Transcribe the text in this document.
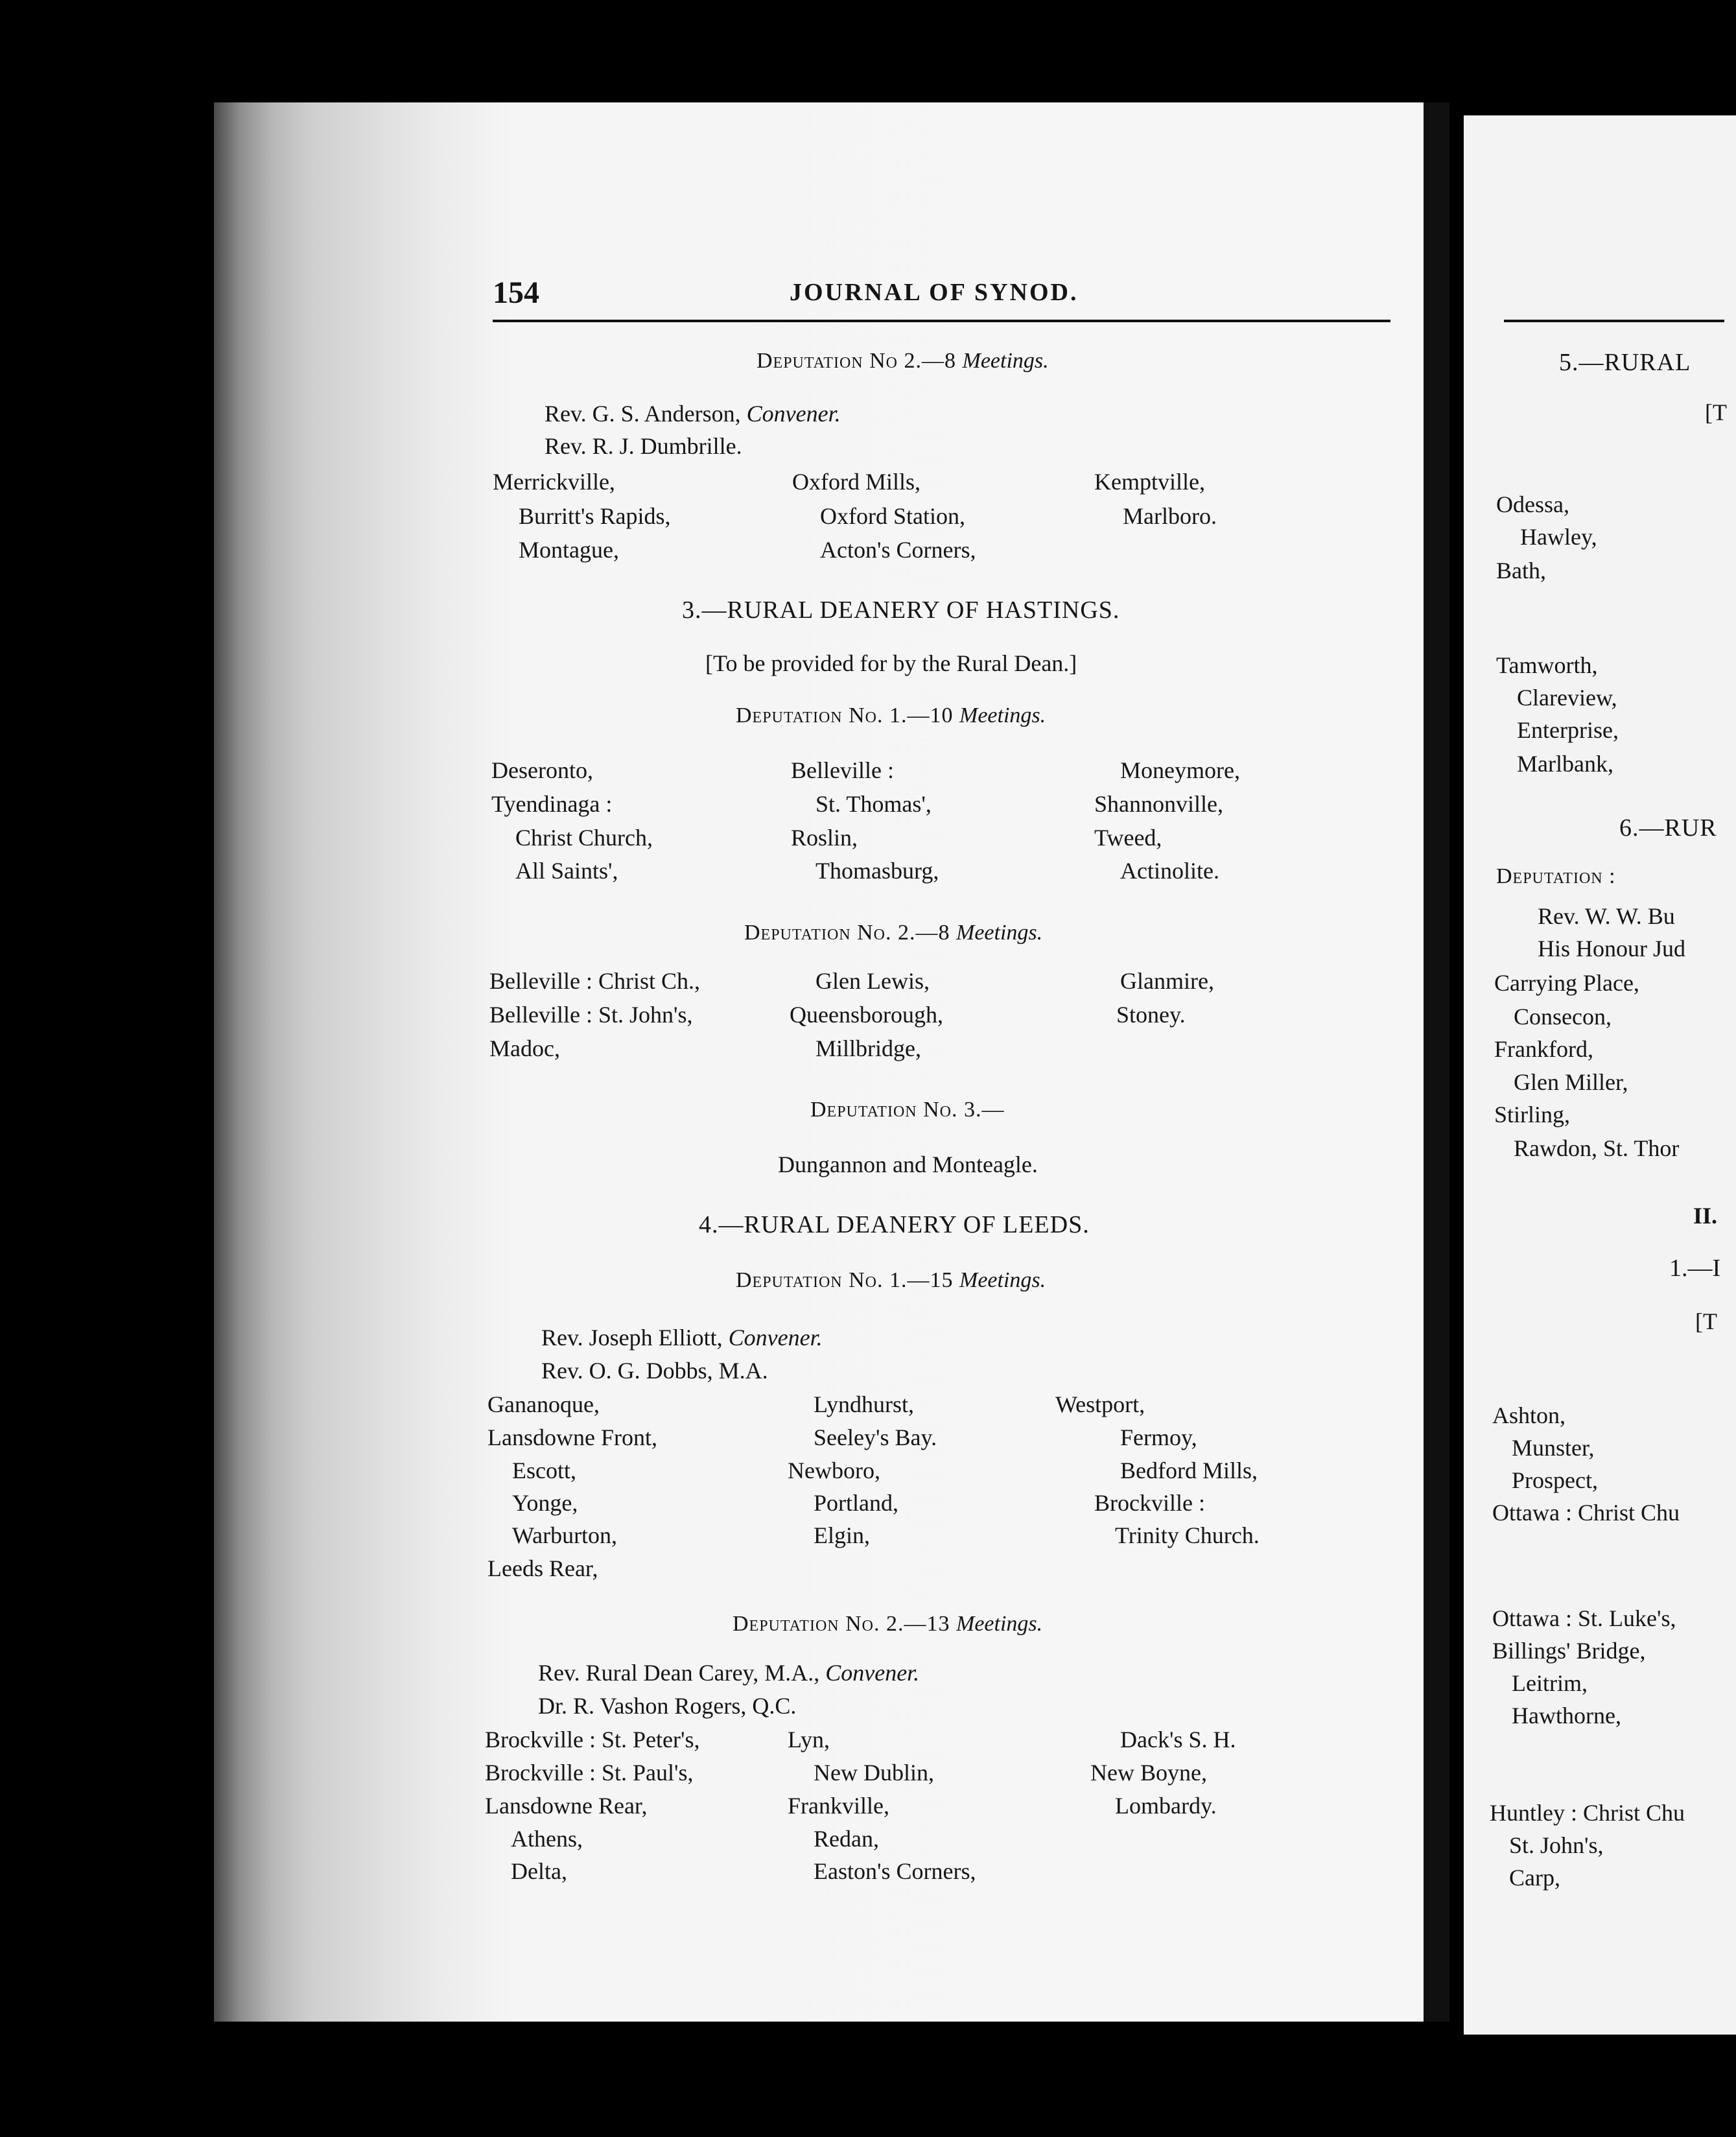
154	JOURNAL OF SYNOD.
Deputation No 2.—8 Meetings.
Rev. G. S. Anderson, Convener.
Rev. R. J. Dumbrille.
Merrickville,
Burritt's Rapids,
Montague,
Oxford Mills,
Oxford Station,
Acton's Corners,
Kemptville,
Marlboro.
3.—RURAL DEANERY OF HASTINGS.
[To be provided for by the Rural Dean.]
Deputation No. 1.—10 Meetings.
Deseronto,
Tyendinaga :
Christ Church,
All Saints',
Belleville :
St. Thomas',
Roslin,
Thomasburg,
Moneymore,
Shannonville,
Tweed,
Actinolite.
Deputation No. 2.—8 Meetings.
Belleville : Christ Ch.,
Belleville : St. John's,
Madoc,
Glen Lewis,
Queensborough,
Millbridge,
Glanmire,
Stoney.
Deputation No. 3.—
Dungannon and Monteagle.
4.—RURAL DEANERY OF LEEDS.
Deputation No. 1.—15 Meetings.
Rev. Joseph Elliott, Convener.
Rev. O. G. Dobbs, M.A.
Gananoque,
Lansdowne Front,
Escott,
Yonge,
Warburton,
Leeds Rear,
Lyndhurst,
Seeley's Bay.
Newboro,
Portland,
Elgin,
Westport,
Fermoy,
Bedford Mills,
Brockville :
Trinity Church.
Deputation No. 2.—13 Meetings.
Rev. Rural Dean Carey, M.A., Convener.
Dr. R. Vashon Rogers, Q.C.
Brockville : St. Peter's,
Brockville : St. Paul's,
Lansdowne Rear,
Athens,
Delta,
Lyn,
New Dublin,
Frankville,
Redan,
Easton's Corners,
Dack's S. H.
New Boyne,
Lombardy.
5.—RURAL
[T
Odessa,
Hawley,
Bath,
Tamworth,
Clareview,
Enterprise,
Marlbank,
6.—RUR
Deputation :
Rev. W. W. Bu
His Honour Jud
Carrying Place,
Consecon,
Frankford,
Glen Miller,
Stirling,
Rawdon, St. Thor
II.
1.—I
[T
Ashton,
Munster,
Prospect,
Ottawa : Christ Chu
Ottawa : St. Luke's,
Billings' Bridge,
Leitrim,
Hawthorne,
Huntley : Christ Chu
St. John's,
Carp,
